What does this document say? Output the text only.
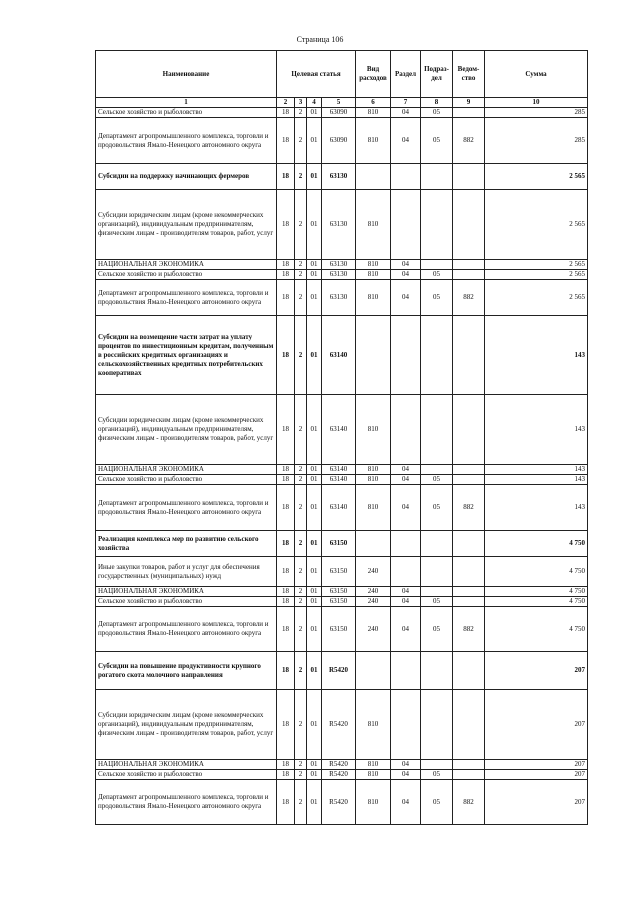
Страница 106
Наименование	Целевая статья				Вид расходов	Раздел	Подраз-дел	Ведом-ство	Сумма
1	2	3	4	5	6	7	8	9	10
Сельское хозяйство и рыболовство	18	2	01	63090	810	04	05		285
Департамент агропромышленного комплекса, торговли и продовольствия Ямало-Ненецкого автономного округа	18	2	01	63090	810	04	05	882	285
Субсидии на поддержку начинающих фермеров	18	2	01	63130					2 565
Субсидии юридическим лицам (кроме некоммерческих организаций), индивидуальным предпринимателям, физическим лицам - производителям товаров, работ, услуг	18	2	01	63130	810				2 565
НАЦИОНАЛЬНАЯ ЭКОНОМИКА	18	2	01	63130	810	04			2 565
Сельское хозяйство и рыболовство	18	2	01	63130	810	04	05		2 565
Департамент агропромышленного комплекса, торговли и продовольствия Ямало-Ненецкого автономного округа	18	2	01	63130	810	04	05	882	2 565
Субсидии на возмещение части затрат на уплату процентов по инвестиционным кредитам, полученным в российских кредитных организациях и сельскохозяйственных кредитных потребительских кооперативах	18	2	01	63140					143
Субсидии юридическим лицам (кроме некоммерческих организаций), индивидуальным предпринимателям, физическим лицам - производителям товаров, работ, услуг	18	2	01	63140	810				143
НАЦИОНАЛЬНАЯ ЭКОНОМИКА	18	2	01	63140	810	04			143
Сельское хозяйство и рыболовство	18	2	01	63140	810	04	05		143
Департамент агропромышленного комплекса, торговли и продовольствия Ямало-Ненецкого автономного округа	18	2	01	63140	810	04	05	882	143
Реализация комплекса мер по развитию сельского хозяйства	18	2	01	63150					4 750
Иные закупки товаров, работ и услуг для обеспечения государственных (муниципальных) нужд	18	2	01	63150	240				4 750
НАЦИОНАЛЬНАЯ ЭКОНОМИКА	18	2	01	63150	240	04			4 750
Сельское хозяйство и рыболовство	18	2	01	63150	240	04	05		4 750
Департамент агропромышленного комплекса, торговли и продовольствия Ямало-Ненецкого автономного округа	18	2	01	63150	240	04	05	882	4 750
Субсидии на повышение продуктивности крупного рогатого скота молочного направления	18	2	01	R5420					207
Субсидии юридическим лицам (кроме некоммерческих организаций), индивидуальным предпринимателям, физическим лицам - производителям товаров, работ, услуг	18	2	01	R5420	810				207
НАЦИОНАЛЬНАЯ ЭКОНОМИКА	18	2	01	R5420	810	04			207
Сельское хозяйство и рыболовство	18	2	01	R5420	810	04	05		207
Департамент агропромышленного комплекса, торговли и продовольствия Ямало-Ненецкого автономного округа	18	2	01	R5420	810	04	05	882	207
